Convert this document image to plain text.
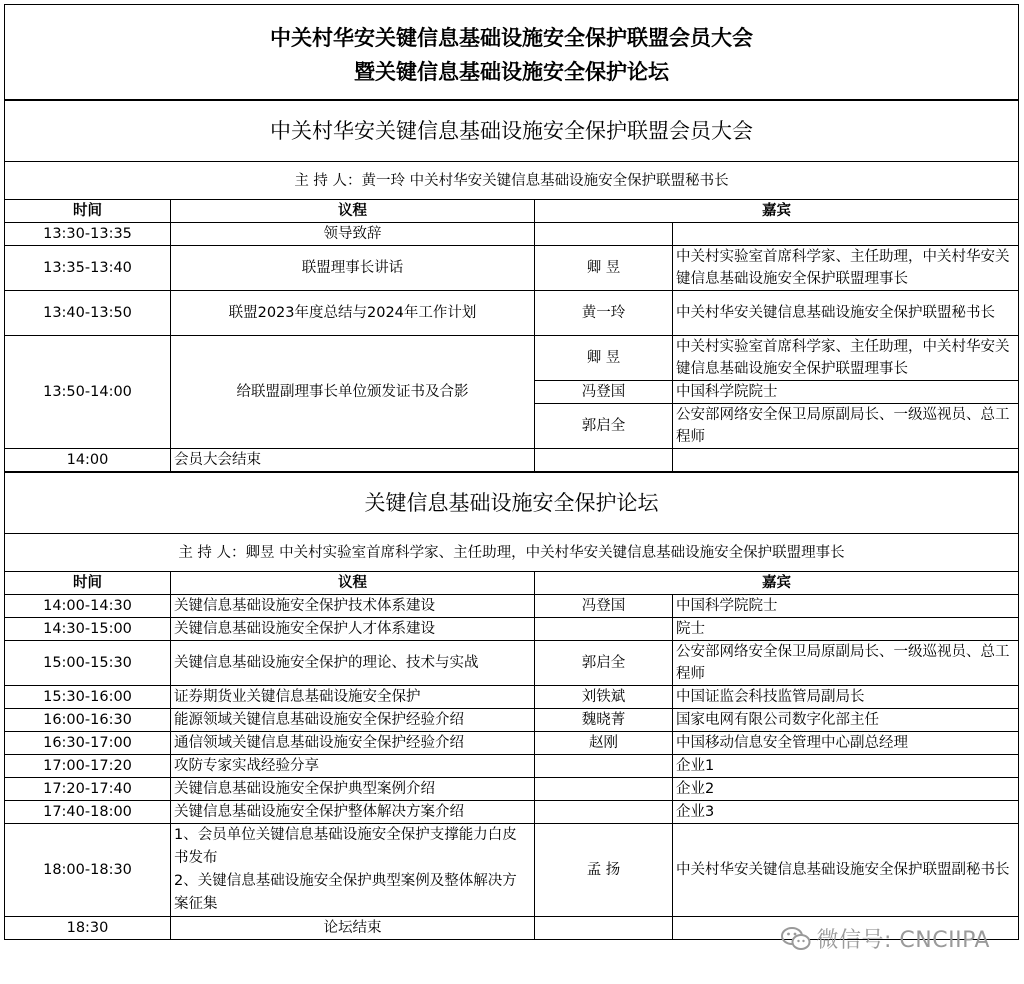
中关村华安关键信息基础设施安全保护联盟会员大会
暨关键信息基础设施安全保护论坛			

中关村华安关键信息基础设施安全保护联盟会员大会			
主 持 人：黄一玲 中关村华安关键信息基础设施安全保护联盟秘书长			
时间	议程	嘉宾	
13:30-13:35	领导致辞		
13:35-13:40	联盟理事长讲话	卿 昱	中关村实验室首席科学家、主任助理，中关村华安关键信息基础设施安全保护联盟理事长
13:40-13:50	联盟2023年度总结与2024年工作计划	黄一玲	中关村华安关键信息基础设施安全保护联盟秘书长
13:50-14:00	给联盟副理事长单位颁发证书及合影	卿 昱	中关村实验室首席科学家、主任助理，中关村华安关键信息基础设施安全保护联盟理事长
		冯登国	中国科学院院士
		郭启全	公安部网络安全保卫局原副局长、一级巡视员、总工程师
14:00	会员大会结束		
关键信息基础设施安全保护论坛			
主 持 人：卿昱 中关村实验室首席科学家、主任助理，中关村华安关键信息基础设施安全保护联盟理事长			
时间	议程	嘉宾	
14:00-14:30	关键信息基础设施安全保护技术体系建设	冯登国	中国科学院院士
14:30-15:00	关键信息基础设施安全保护人才体系建设		院士
15:00-15:30	关键信息基础设施安全保护的理论、技术与实战	郭启全	公安部网络安全保卫局原副局长、一级巡视员、总工程师
15:30-16:00	证券期货业关键信息基础设施安全保护	刘铁斌	中国证监会科技监管局副局长
16:00-16:30	能源领域关键信息基础设施安全保护经验介绍	魏晓菁	国家电网有限公司数字化部主任
16:30-17:00	通信领域关键信息基础设施安全保护经验介绍	赵刚	中国移动信息安全管理中心副总经理
17:00-17:20	攻防专家实战经验分享		企业1
17:20-17:40	关键信息基础设施安全保护典型案例介绍		企业2
17:40-18:00	关键信息基础设施安全保护整体解决方案介绍		企业3
18:00-18:30	1、会员单位关键信息基础设施安全保护支撑能力白皮书发布
2、关键信息基础设施安全保护典型案例及整体解决方案征集	孟 扬	中关村华安关键信息基础设施安全保护联盟副秘书长
18:30	论坛结束			微信号: CNCIIPA
